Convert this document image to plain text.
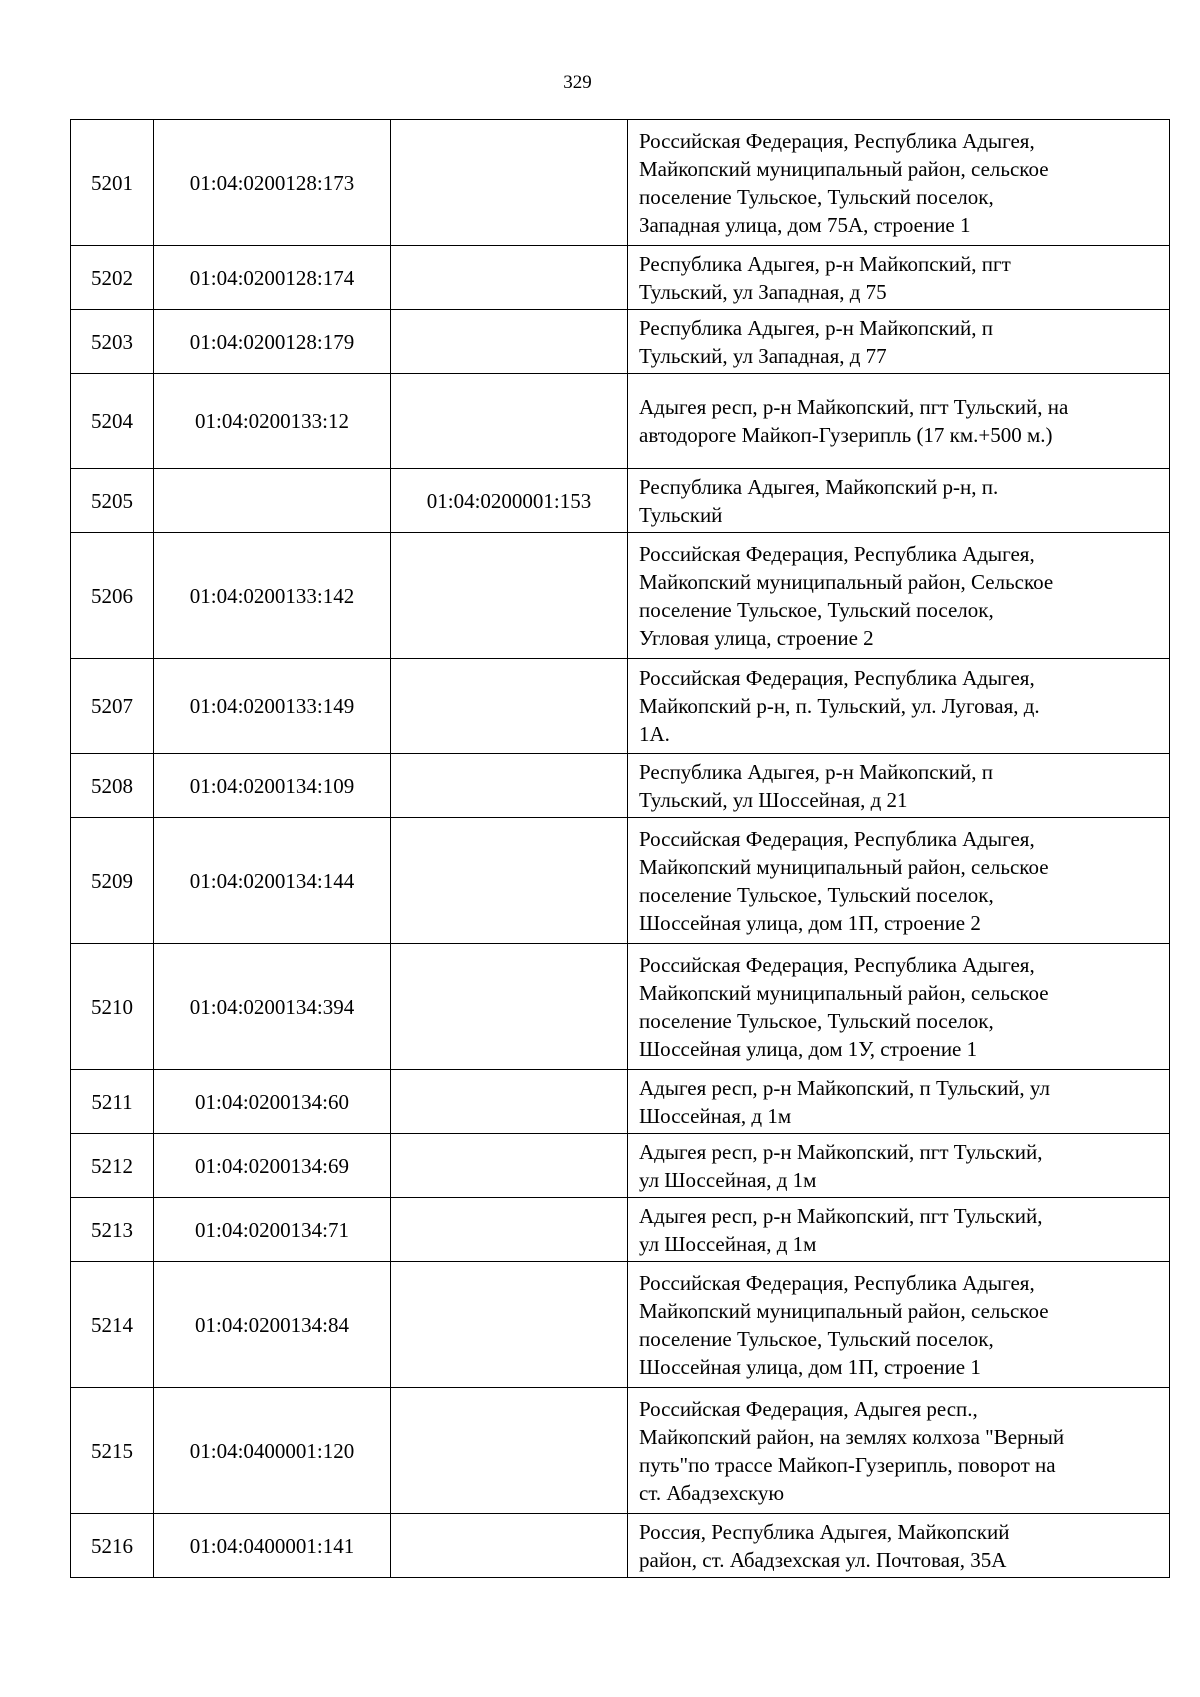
329
5201	01:04:0200128:173		Российская Федерация, Республика Адыгея,
Майкопский муниципальный район, сельское
поселение Тульское, Тульский поселок,
Западная улица, дом 75А, строение 1
5202	01:04:0200128:174		Республика Адыгея, р-н Майкопский, пгт
Тульский, ул Западная, д 75
5203	01:04:0200128:179		Республика Адыгея, р-н Майкопский, п
Тульский, ул Западная, д 77
5204	01:04:0200133:12		Адыгея респ, р-н Майкопский, пгт Тульский, на
автодороге Майкоп-Гузерипль (17 км.+500 м.)
5205		01:04:0200001:153	Республика Адыгея, Майкопский р-н, п.
Тульский
5206	01:04:0200133:142		Российская Федерация, Республика Адыгея,
Майкопский муниципальный район, Сельское
поселение Тульское, Тульский поселок,
Угловая улица, строение 2
5207	01:04:0200133:149		Российская Федерация, Республика Адыгея,
Майкопский р-н, п. Тульский, ул. Луговая, д.
1А.
5208	01:04:0200134:109		Республика Адыгея, р-н Майкопский, п
Тульский, ул Шоссейная, д 21
5209	01:04:0200134:144		Российская Федерация, Республика Адыгея,
Майкопский муниципальный район, сельское
поселение Тульское, Тульский поселок,
Шоссейная улица, дом 1П, строение 2
5210	01:04:0200134:394		Российская Федерация, Республика Адыгея,
Майкопский муниципальный район, сельское
поселение Тульское, Тульский поселок,
Шоссейная улица, дом 1У, строение 1
5211	01:04:0200134:60		Адыгея респ, р-н Майкопский, п Тульский, ул
Шоссейная, д 1м
5212	01:04:0200134:69		Адыгея респ, р-н Майкопский, пгт Тульский,
ул Шоссейная, д 1м
5213	01:04:0200134:71		Адыгея респ, р-н Майкопский, пгт Тульский,
ул Шоссейная, д 1м
5214	01:04:0200134:84		Российская Федерация, Республика Адыгея,
Майкопский муниципальный район, сельское
поселение Тульское, Тульский поселок,
Шоссейная улица, дом 1П, строение 1
5215	01:04:0400001:120		Российская Федерация, Адыгея респ.,
Майкопский район, на землях колхоза "Верный
путь"по трассе Майкоп-Гузерипль, поворот на
ст. Абадзехскую
5216	01:04:0400001:141		Россия, Республика Адыгея, Майкопский
район, ст. Абадзехская ул. Почтовая, 35А
